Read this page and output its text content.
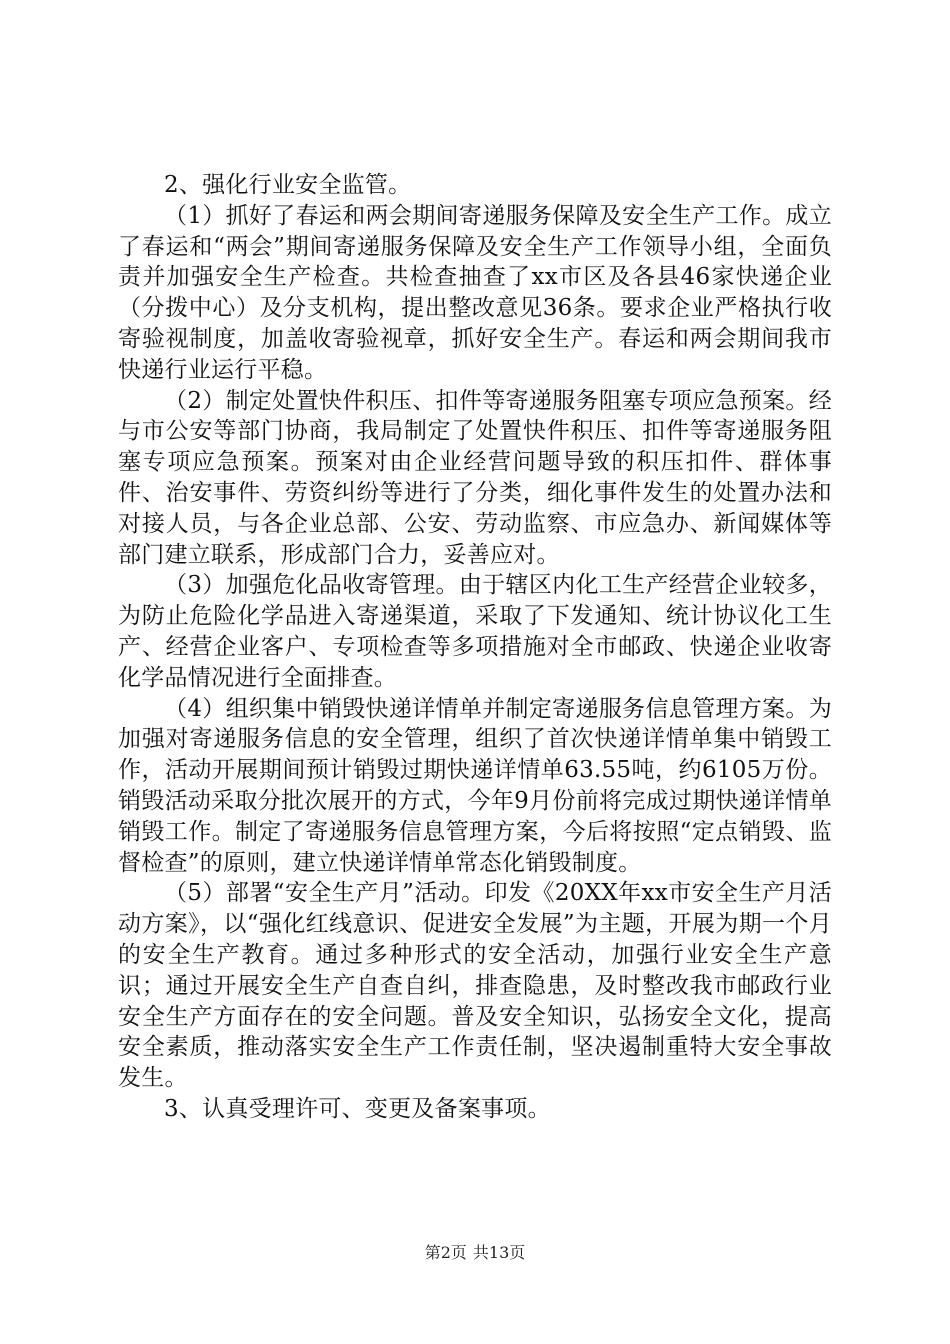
2、强化行业安全监管。

（1）抓好了春运和两会期间寄递服务保障及安全生产工作。成立了春运和“两会”期间寄递服务保障及安全生产工作领导小组，全面负责并加强安全生产检查。共检查抽查了xx市区及各县46家快递企业（分拨中心）及分支机构，提出整改意见36条。要求企业严格执行收寄验视制度，加盖收寄验视章，抓好安全生产。春运和两会期间我市快递行业运行平稳。

（2）制定处置快件积压、扣件等寄递服务阻塞专项应急预案。经与市公安等部门协商，我局制定了处置快件积压、扣件等寄递服务阻塞专项应急预案。预案对由企业经营问题导致的积压扣件、群体事件、治安事件、劳资纠纷等进行了分类，细化事件发生的处置办法和对接人员，与各企业总部、公安、劳动监察、市应急办、新闻媒体等部门建立联系，形成部门合力，妥善应对。

（3）加强危化品收寄管理。由于辖区内化工生产经营企业较多，为防止危险化学品进入寄递渠道，采取了下发通知、统计协议化工生产、经营企业客户、专项检查等多项措施对全市邮政、快递企业收寄化学品情况进行全面排查。

（4）组织集中销毁快递详情单并制定寄递服务信息管理方案。为加强对寄递服务信息的安全管理，组织了首次快递详情单集中销毁工作，活动开展期间预计销毁过期快递详情单63.55吨，约6105万份。销毁活动采取分批次展开的方式，今年9月份前将完成过期快递详情单销毁工作。制定了寄递服务信息管理方案，今后将按照“定点销毁、监督检查”的原则，建立快递详情单常态化销毁制度。

（5）部署“安全生产月”活动。印发《20XX年xx市安全生产月活动方案》，以“强化红线意识、促进安全发展”为主题，开展为期一个月的安全生产教育。通过多种形式的安全活动，加强行业安全生产意识；通过开展安全生产自查自纠，排查隐患，及时整改我市邮政行业安全生产方面存在的安全问题。普及安全知识，弘扬安全文化，提高安全素质，推动落实安全生产工作责任制，坚决遏制重特大安全事故发生。

3、认真受理许可、变更及备案事项。

第2页 共13页
